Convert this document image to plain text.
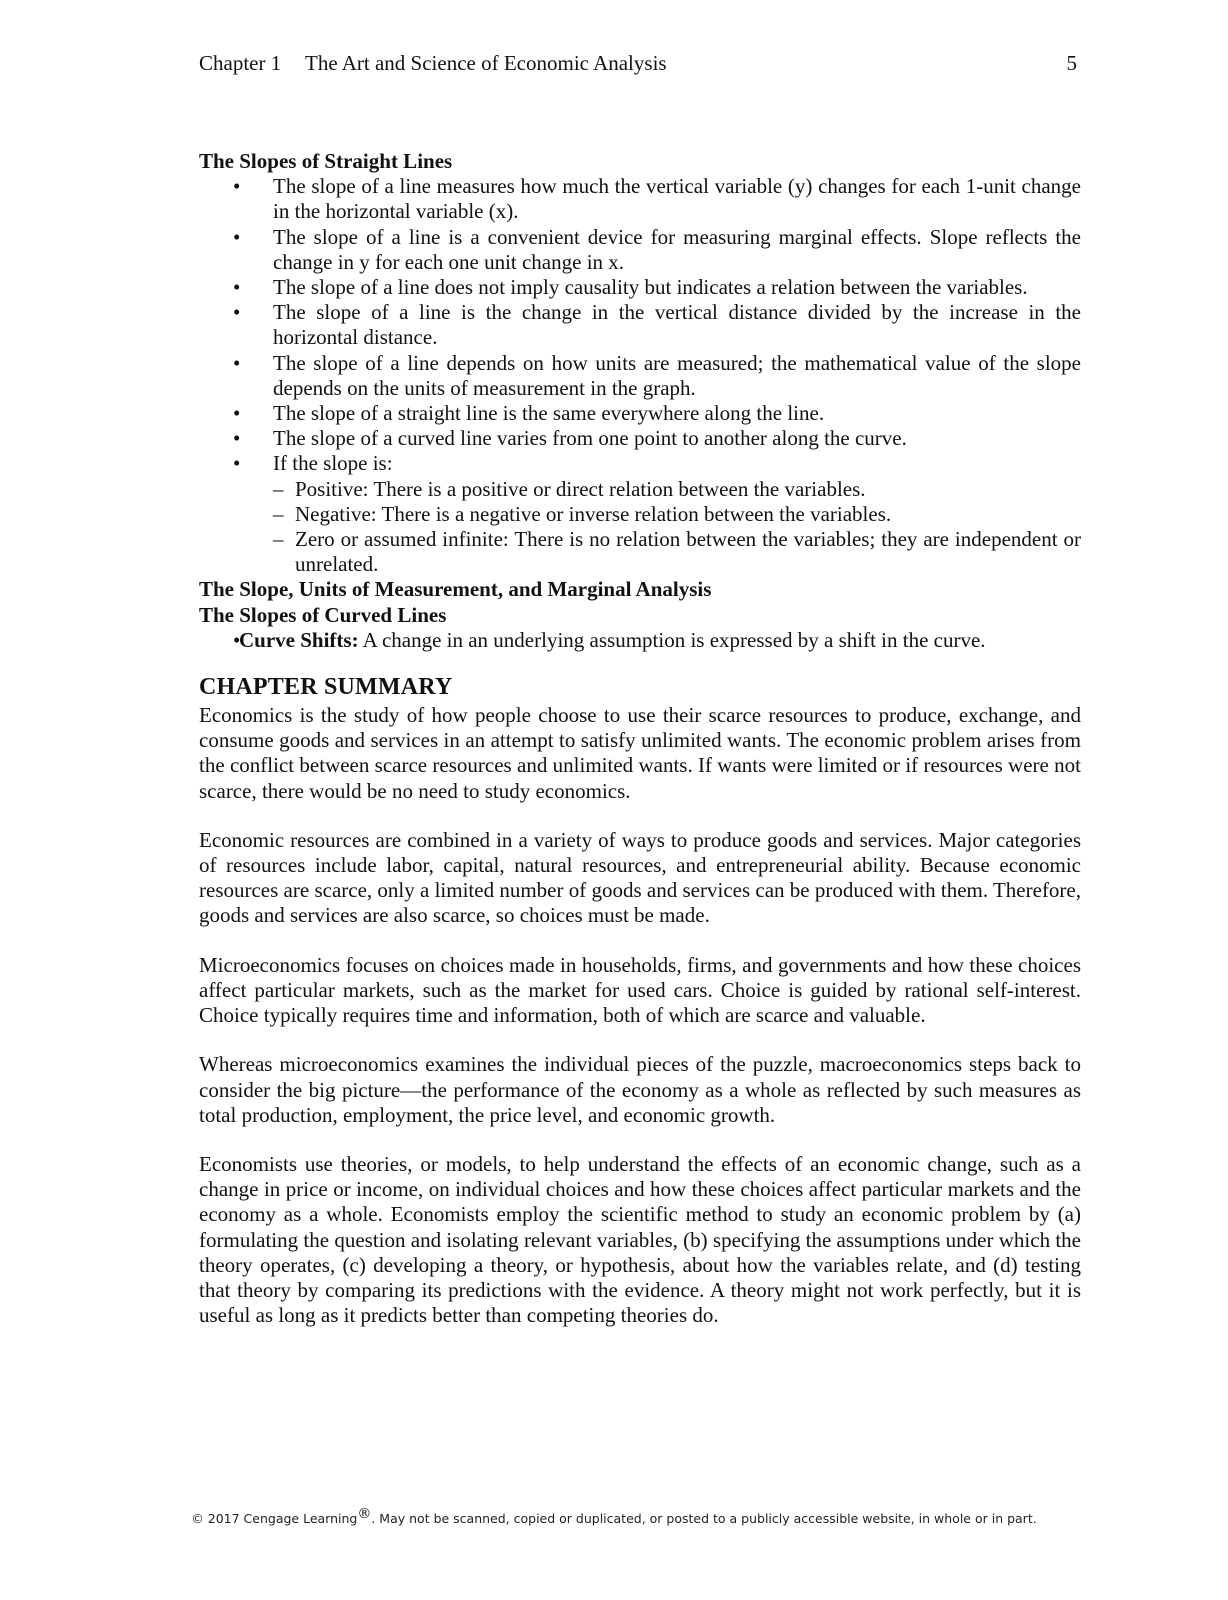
Chapter 1 The Art and Science of Economic Analysis	5

The Slopes of Straight Lines

• The slope of a line measures how much the vertical variable (y) changes for each 1-unit change in the horizontal variable (x).
• The slope of a line is a convenient device for measuring marginal effects. Slope reflects the change in y for each one unit change in x.
• The slope of a line does not imply causality but indicates a relation between the variables.
• The slope of a line is the change in the vertical distance divided by the increase in the horizontal distance.
• The slope of a line depends on how units are measured; the mathematical value of the slope depends on the units of measurement in the graph.
• The slope of a straight line is the same everywhere along the line.
• The slope of a curved line varies from one point to another along the curve.
• If the slope is:
– Positive: There is a positive or direct relation between the variables.
– Negative: There is a negative or inverse relation between the variables.
– Zero or assumed infinite: There is no relation between the variables; they are independent or unrelated.

The Slope, Units of Measurement, and Marginal Analysis

The Slopes of Curved Lines

•
Curve Shifts: A change in an underlying assumption is expressed by a shift in the curve.
CHAPTER SUMMARY

Economics is the study of how people choose to use their scarce resources to produce, exchange, and consume goods and services in an attempt to satisfy unlimited wants. The economic problem arises from the conflict between scarce resources and unlimited wants. If wants were limited or if resources were not scarce, there would be no need to study economics.

Economic resources are combined in a variety of ways to produce goods and services. Major categories of resources include labor, capital, natural resources, and entrepreneurial ability. Because economic resources are scarce, only a limited number of goods and services can be produced with them. Therefore, goods and services are also scarce, so choices must be made.

Microeconomics focuses on choices made in households, firms, and governments and how these choices affect particular markets, such as the market for used cars. Choice is guided by rational self-interest. Choice typically requires time and information, both of which are scarce and valuable.

Whereas microeconomics examines the individual pieces of the puzzle, macroeconomics steps back to consider the big picture—the performance of the economy as a whole as reflected by such measures as total production, employment, the price level, and economic growth.

Economists use theories, or models, to help understand the effects of an economic change, such as a change in price or income, on individual choices and how these choices affect particular markets and the economy as a whole. Economists employ the scientific method to study an economic problem by (a) formulating the question and isolating relevant variables, (b) specifying the assumptions under which the theory operates, (c) developing a theory, or hypothesis, about how the variables relate, and (d) testing that theory by comparing its predictions with the evidence. A theory might not work perfectly, but it is useful as long as it predicts better than competing theories do.

© 2017 Cengage Learning®. May not be scanned, copied or duplicated, or posted to a publicly accessible website, in whole or in part.
